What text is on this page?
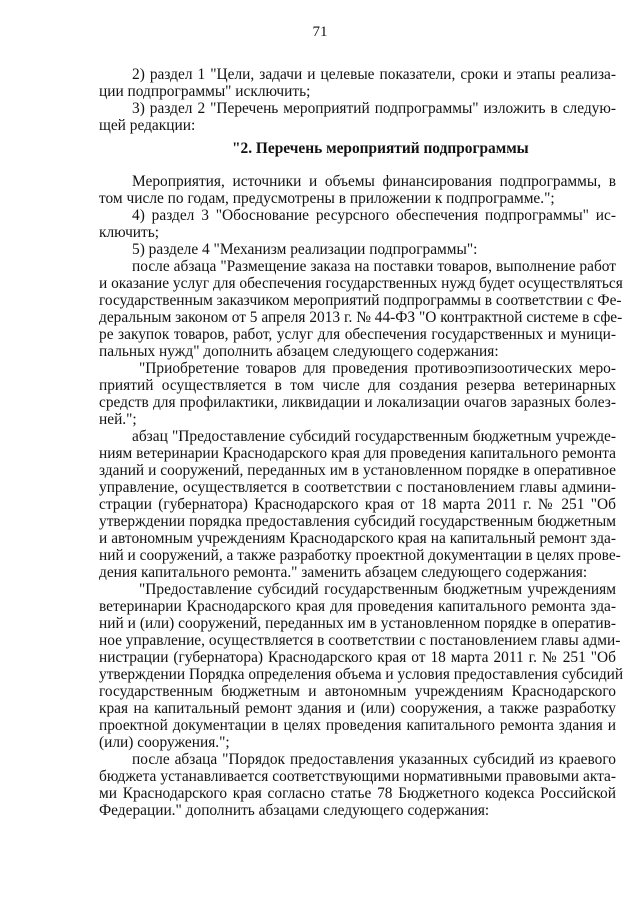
71
2) раздел 1 "Цели, задачи и целевые показатели, сроки и этапы реализа-
ции подпрограммы" исключить;
3) раздел 2 "Перечень мероприятий подпрограммы" изложить в следую-
щей редакции:
"2. Перечень мероприятий подпрограммы
Мероприятия, источники и объемы финансирования подпрограммы, в
том числе по годам, предусмотрены в приложении к подпрограмме.";
4) раздел 3 "Обоснование ресурсного обеспечения подпрограммы" ис-
ключить;
5) разделе 4 "Механизм реализации подпрограммы":
после абзаца "Размещение заказа на поставки товаров, выполнение работ
и оказание услуг для обеспечения государственных нужд будет осуществляться
государственным заказчиком мероприятий подпрограммы в соответствии с Фе-
деральным законом от 5 апреля 2013 г. № 44-ФЗ "О контрактной системе в сфе-
ре закупок товаров, работ, услуг для обеспечения государственных и муници-
пальных нужд" дополнить абзацем следующего содержания:
"Приобретение товаров для проведения противоэпизоотических меро-
приятий осуществляется в том числе для создания резерва ветеринарных
средств для профилактики, ликвидации и локализации очагов заразных болез-
ней.";
абзац "Предоставление субсидий государственным бюджетным учрежде-
ниям ветеринарии Краснодарского края для проведения капитального ремонта
зданий и сооружений, переданных им в установленном порядке в оперативное
управление, осуществляется в соответствии с постановлением главы админи-
страции (губернатора) Краснодарского края от 18 марта 2011 г. № 251 "Об
утверждении порядка предоставления субсидий государственным бюджетным
и автономным учреждениям Краснодарского края на капитальный ремонт зда-
ний и сооружений, а также разработку проектной документации в целях прове-
дения капитального ремонта." заменить абзацем следующего содержания:
"Предоставление субсидий государственным бюджетным учреждениям
ветеринарии Краснодарского края для проведения капитального ремонта зда-
ний и (или) сооружений, переданных им в установленном порядке в оператив-
ное управление, осуществляется в соответствии с постановлением главы адми-
нистрации (губернатора) Краснодарского края от 18 марта 2011 г. № 251 "Об
утверждении Порядка определения объема и условия предоставления субсидий
государственным бюджетным и автономным учреждениям Краснодарского
края на капитальный ремонт здания и (или) сооружения, а также разработку
проектной документации в целях проведения капитального ремонта здания и
(или) сооружения.";
после абзаца "Порядок предоставления указанных субсидий из краевого
бюджета устанавливается соответствующими нормативными правовыми акта-
ми Краснодарского края согласно статье 78 Бюджетного кодекса Российской
Федерации." дополнить абзацами следующего содержания:
